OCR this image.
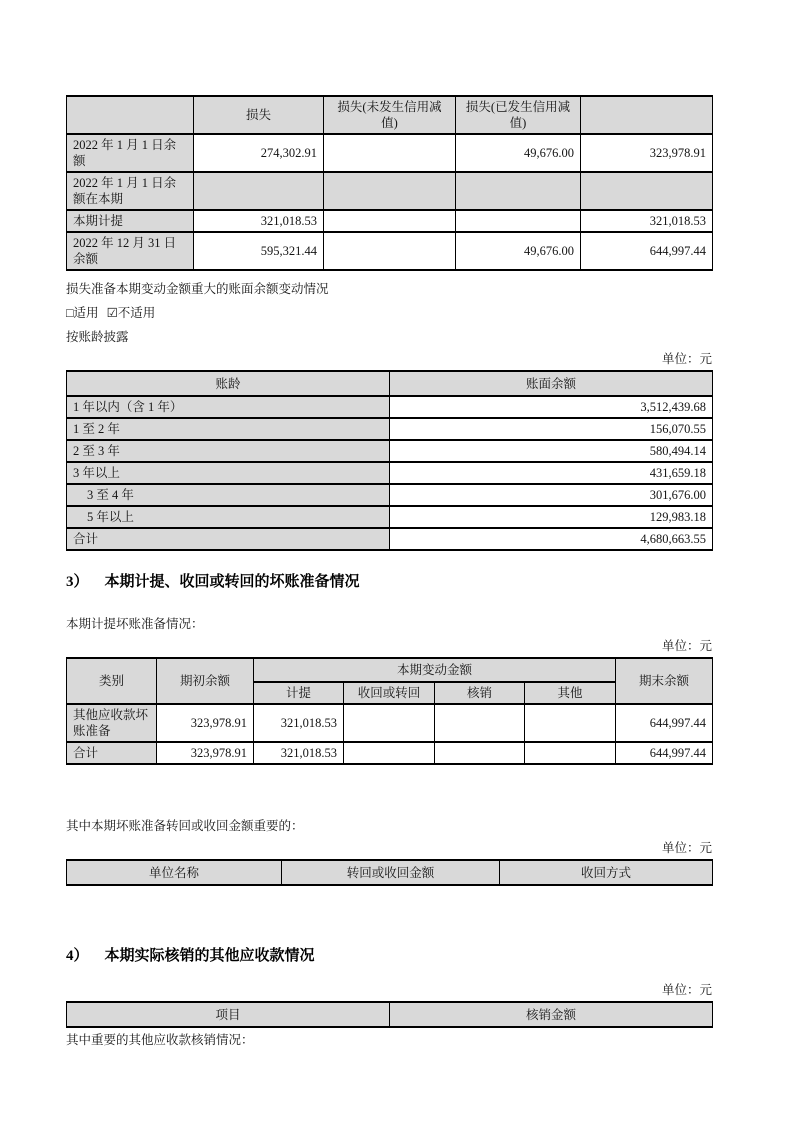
	损失	损失(未发生信用减值)	损失(已发生信用减值)	
2022 年 1 月 1 日余额	274,302.91		49,676.00	323,978.91
2022 年 1 月 1 日余额在本期				
本期计提	321,018.53			321,018.53
2022 年 12 月 31 日余额	595,321.44		49,676.00	644,997.44

损失准备本期变动金额重大的账面余额变动情况

□适用 ☑不适用

按账龄披露

单位：元

账龄	账面余额
1 年以内（含 1 年）	3,512,439.68
1 至 2 年	156,070.55
2 至 3 年	580,494.14
3 年以上	431,659.18
3 至 4 年	301,676.00
5 年以上	129,983.18
合计	4,680,663.55
3） 本期计提、收回或转回的坏账准备情况

本期计提坏账准备情况：

单位：元

类别	期初余额	本期变动金额				期末余额
		计提	收回或转回	核销	其他	
其他应收款坏账准备	323,978.91	321,018.53				644,997.44
合计	323,978.91	321,018.53				644,997.44

其中本期坏账准备转回或收回金额重要的：

单位：元

单位名称	转回或收回金额	收回方式
4） 本期实际核销的其他应收款情况

单位：元

项目	核销金额

其中重要的其他应收款核销情况：
